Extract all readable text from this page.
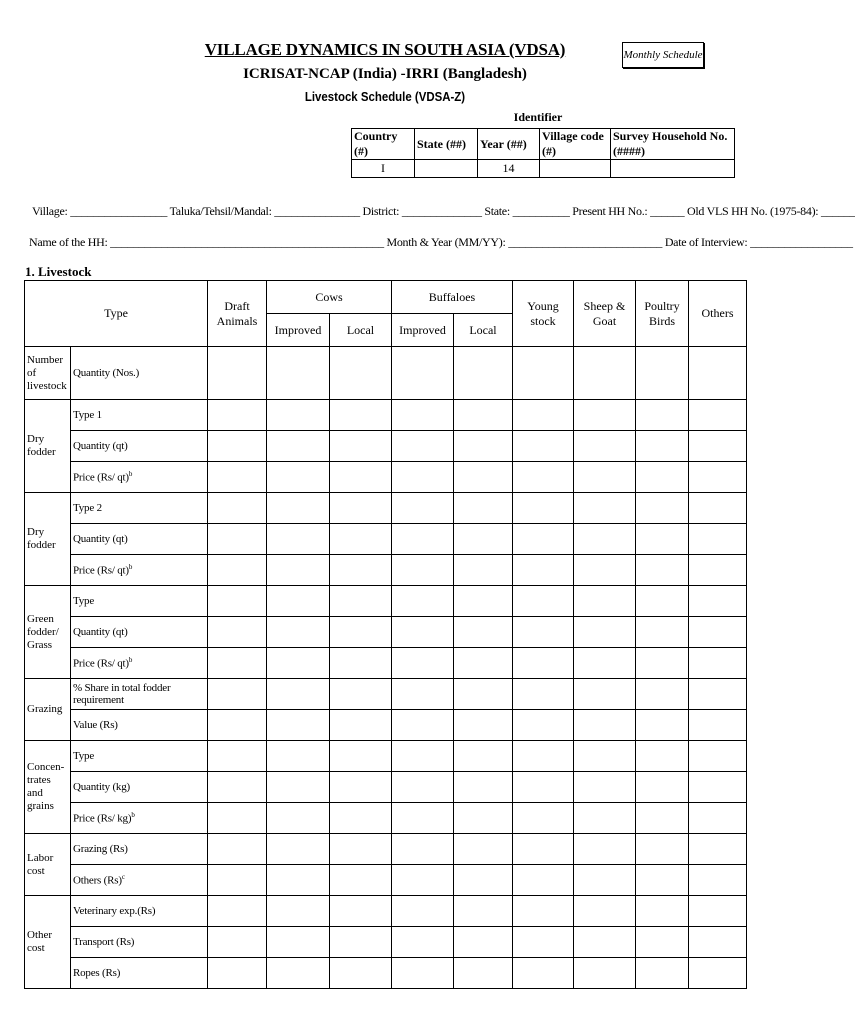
VILLAGE DYNAMICS IN SOUTH ASIA (VDSA)	Monthly Schedule
ICRISAT-NCAP (India) -IRRI (Bangladesh)
Livestock Schedule (VDSA-Z)
Identifier
Country (#)	State (##)	Year (##)	Village code (#)	Survey Household No. (####)
I		14		
Village: _________________ Taluka/Tehsil/Mandal: _______________ District: ______________ State: __________ Present HH No.: ______ Old VLS HH No. (1975-84): ______
Name of the HH: ________________________________________________ Month & Year (MM/YY): ___________________________ Date of Interview: __________________
1. Livestock
Type		Draft Animals	Cows		Buffaloes		Young stock	Sheep & Goat	Poultry Birds	Others
			Improved	Local	Improved	Local				
Number of livestock	Quantity (Nos.)									
Dry fodder	Type 1									
	Quantity (qt)									
	Price (Rs/ qt)$^b$									
Dry fodder	Type 2									
	Quantity (qt)									
	Price (Rs/ qt)$^b$									
Green fodder/ Grass	Type									
	Quantity (qt)									
	Price (Rs/ qt)$^b$									
Grazing	% Share in total fodder requirement									
	Value (Rs)									
Concen-trates and grains	Type									
	Quantity (kg)									
	Price (Rs/ kg)$^b$									
Labor cost	Grazing (Rs)									
	Others $(Rs)^c$									
Other cost	Veterinary exp.(Rs)									
	Transport (Rs)									
	Ropes (Rs)									
